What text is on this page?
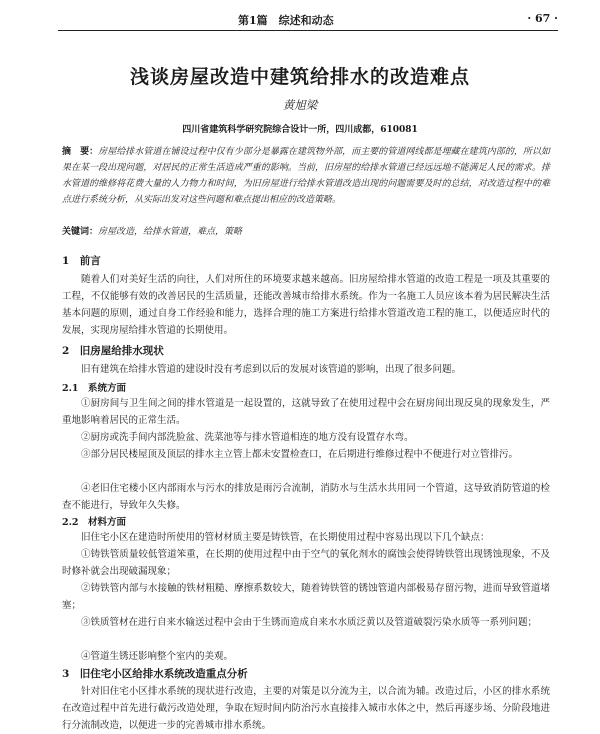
第1篇　综述和动态	· 67 ·
浅谈房屋改造中建筑给排水的改造难点
黄旭梁
四川省建筑科学研究院综合设计一所，四川成都，610081
摘　要：房屋给排水管道在铺设过程中仅有少部分是暴露在建筑物外部，而主要的管道网线都是埋藏在建筑内部的，所以如果在某一段出现问题，对居民的正常生活造成严重的影响。当前，旧房屋的给排水管道已经远远地不能满足人民的需求。排水管道的维修将花费大量的人力物力和时间，为旧房屋进行给排水管道改造出现的问题需要及时的总结，对改造过程中的难点进行系统分析，从实际出发对这些问题和难点提出相应的改造策略。
关键词：房屋改造，给排水管道，难点，策略
1　前言
随着人们对美好生活的向往，人们对所住的环境要求越来越高。旧房屋给排水管道的改造工程是一项及其重要的工程，不仅能够有效的改善居民的生活质量，还能改善城市给排水系统。作为一名施工人员应该本着为居民解决生活基本问题的原则，通过自身工作经验和能力，选择合理的施工方案进行给排水管道改造工程的施工，以便适应时代的发展，实现房屋给排水管道的长期使用。
2　旧房屋给排水现状
旧有建筑在给排水管道的建设时没有考虑到以后的发展对该管道的影响，出现了很多问题。
2.1　系统方面
①厨房间与卫生间之间的排水管道是一起设置的，这就导致了在使用过程中会在厨房间出现反臭的现象发生，严重地影响着居民的正常生活。
②厨房或洗手间内部洗脸盆、洗菜池等与排水管道相连的地方没有设置存水弯。
③部分居民楼屋顶及顶层的排水主立管上都未安置检查口，在后期进行维修过程中不便进行对立管排污。
④老旧住宅楼小区内部雨水与污水的排放是雨污合流制，消防水与生活水共用同一个管道，这导致消防管道的检查不能进行，导致年久失修。
2.2　材料方面
旧住宅小区在建造时所使用的管材材质主要是铸铁管，在长期使用过程中容易出现以下几个缺点：
①铸铁管质量较低管道笨重，在长期的使用过程中由于空气的氧化剂水的腐蚀会使得铸铁管出现锈蚀现象，不及时修补就会出现破漏现象；
②铸铁管内部与水接触的铁材粗糙、摩擦系数较大，随着铸铁管的锈蚀管道内部极易存留污物，进而导致管道堵塞；
③铁质管材在进行自来水输送过程中会由于生锈而造成自来水水质泛黄以及管道破裂污染水质等一系列问题；
④管道生锈还影响整个室内的美观。
3　旧住宅小区给排水系统改造重点分析
针对旧住宅小区排水系统的现状进行改造，主要的对策是以分流为主，以合流为辅。改造过后，小区的排水系统在改造过程中首先进行截污改造处理，争取在短时间内防治污水直接排入城市水体之中，然后再逐步场、分阶段地进行分流制改造，以便进一步的完善城市排水系统。
